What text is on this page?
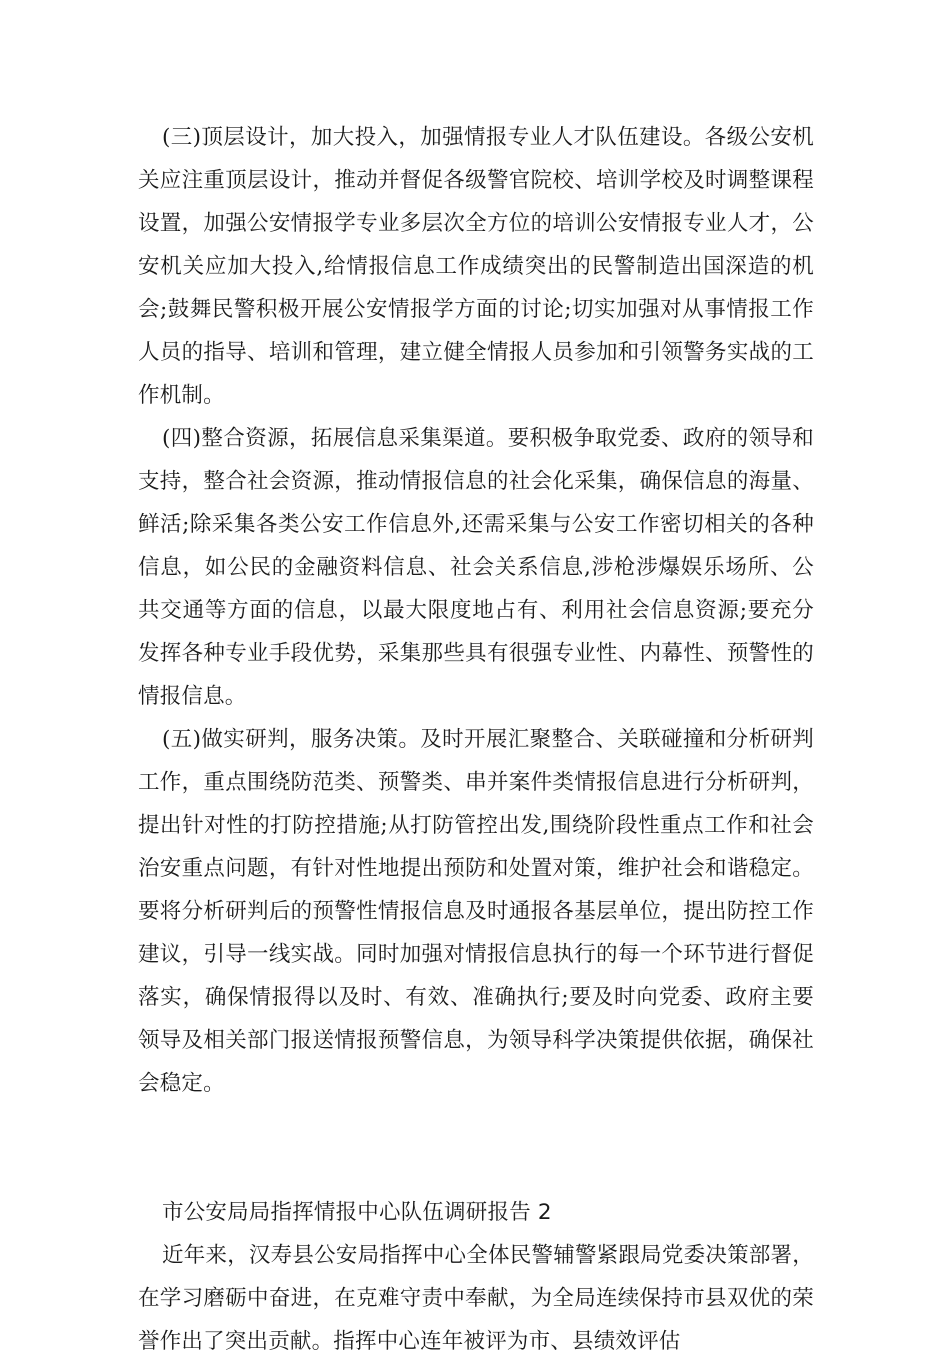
(三)顶层设计，加大投入，加强情报专业人才队伍建设。各级公安机关应注重顶层设计，推动并督促各级警官院校、培训学校及时调整课程设置，加强公安情报学专业多层次全方位的培训公安情报专业人才，公安机关应加大投入,给情报信息工作成绩突出的民警制造出国深造的机会;鼓舞民警积极开展公安情报学方面的讨论;切实加强对从事情报工作人员的指导、培训和管理，建立健全情报人员参加和引领警务实战的工作机制。

(四)整合资源，拓展信息采集渠道。要积极争取党委、政府的领导和支持，整合社会资源，推动情报信息的社会化采集，确保信息的海量、鲜活;除采集各类公安工作信息外,还需采集与公安工作密切相关的各种信息，如公民的金融资料信息、社会关系信息,涉枪涉爆娱乐场所、公共交通等方面的信息，以最大限度地占有、利用社会信息资源;要充分发挥各种专业手段优势，采集那些具有很强专业性、内幕性、预警性的情报信息。

(五)做实研判，服务决策。及时开展汇聚整合、关联碰撞和分析研判工作，重点围绕防范类、预警类、串并案件类情报信息进行分析研判，提出针对性的打防控措施;从打防管控出发,围绕阶段性重点工作和社会治安重点问题，有针对性地提出预防和处置对策，维护社会和谐稳定。要将分析研判后的预警性情报信息及时通报各基层单位，提出防控工作建议，引导一线实战。同时加强对情报信息执行的每一个环节进行督促落实，确保情报得以及时、有效、准确执行;要及时向党委、政府主要领导及相关部门报送情报预警信息，为领导科学决策提供依据，确保社会稳定。

市公安局局指挥情报中心队伍调研报告 2

近年来，汉寿县公安局指挥中心全体民警辅警紧跟局党委决策部署，在学习磨砺中奋进，在克难守责中奉献，为全局连续保持市县双优的荣誉作出了突出贡献。指挥中心连年被评为市、县绩效评估
